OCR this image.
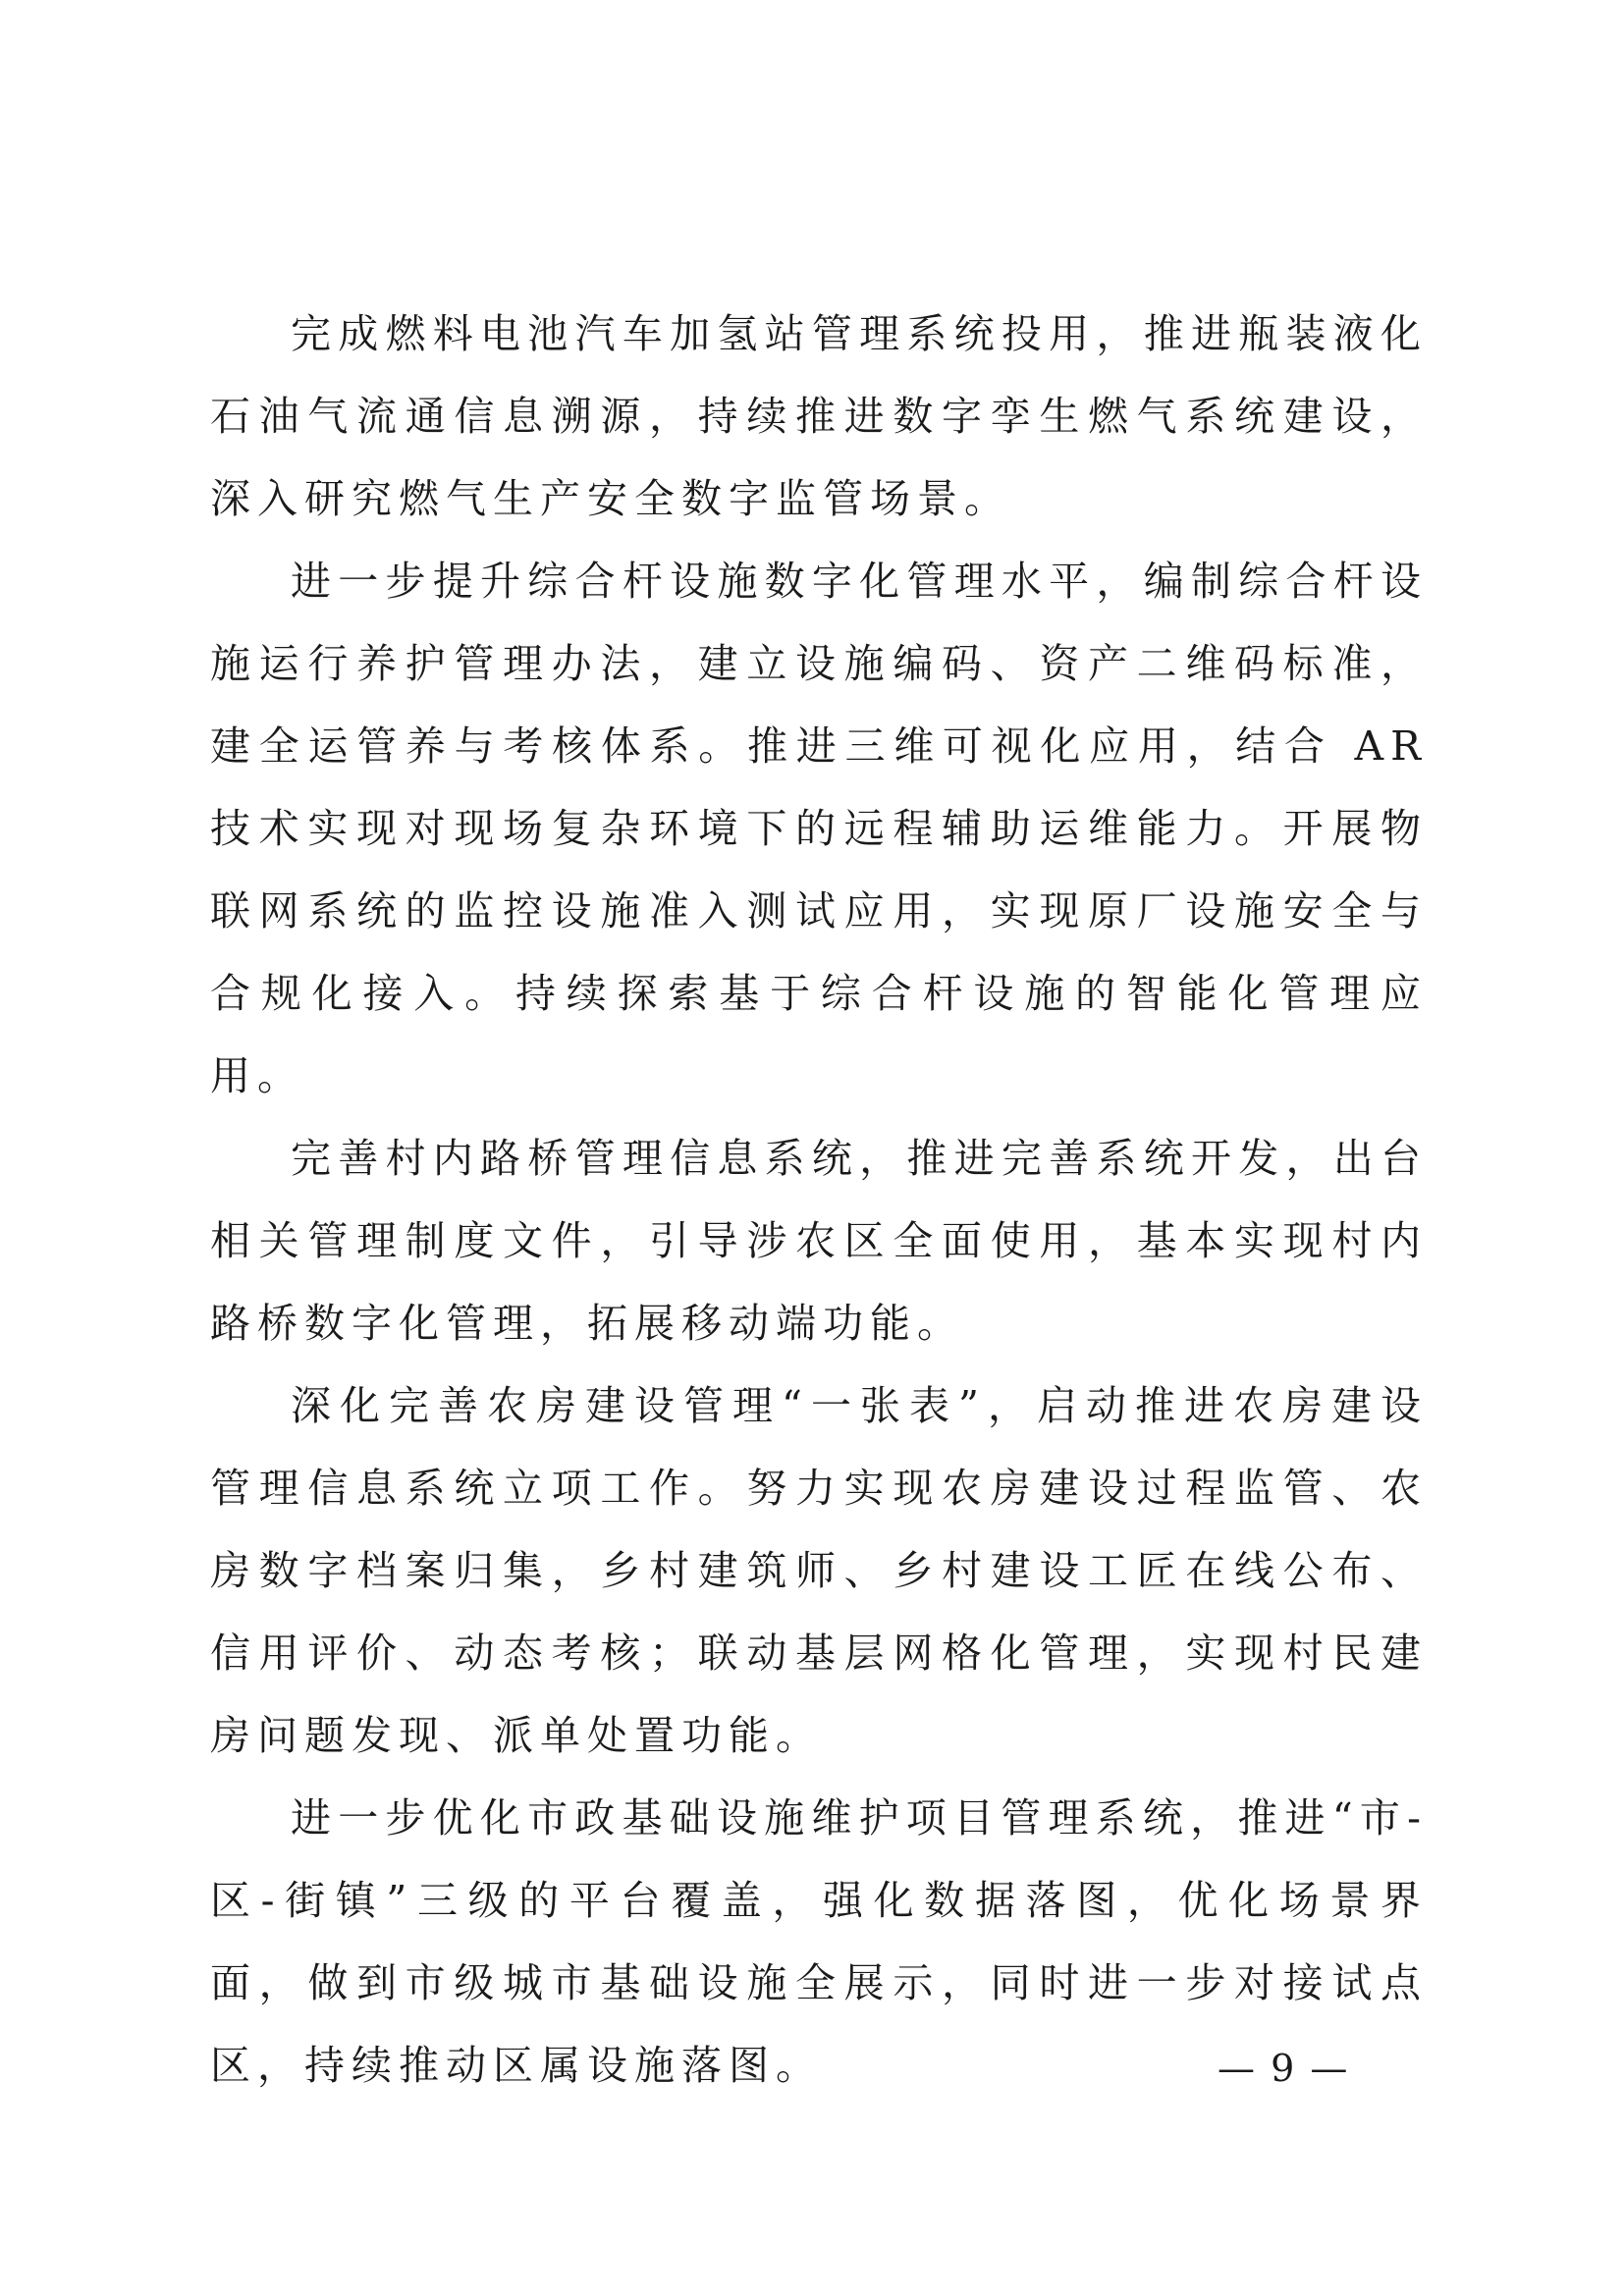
完成燃料电池汽车加氢站管理系统投用，推进瓶装液化石油气流通信息溯源，持续推进数字孪生燃气系统建设，深入研究燃气生产安全数字监管场景。

进一步提升综合杆设施数字化管理水平，编制综合杆设施运行养护管理办法，建立设施编码、资产二维码标准，建全运管养与考核体系。推进三维可视化应用，结合 AR 技术实现对现场复杂环境下的远程辅助运维能力。开展物联网系统的监控设施准入测试应用，实现原厂设施安全与合规化接入。持续探索基于综合杆设施的智能化管理应用。

完善村内路桥管理信息系统，推进完善系统开发，出台相关管理制度文件，引导涉农区全面使用，基本实现村内路桥数字化管理，拓展移动端功能。

深化完善农房建设管理“一张表”，启动推进农房建设管理信息系统立项工作。努力实现农房建设过程监管、农房数字档案归集，乡村建筑师、乡村建设工匠在线公布、信用评价、动态考核；联动基层网格化管理，实现村民建房问题发现、派单处置功能。

进一步优化市政基础设施维护项目管理系统，推进“市-区-街镇”三级的平台覆盖，强化数据落图，优化场景界面，做到市级城市基础设施全展示，同时进一步对接试点区，持续推动区属设施落图。	— 9 —
